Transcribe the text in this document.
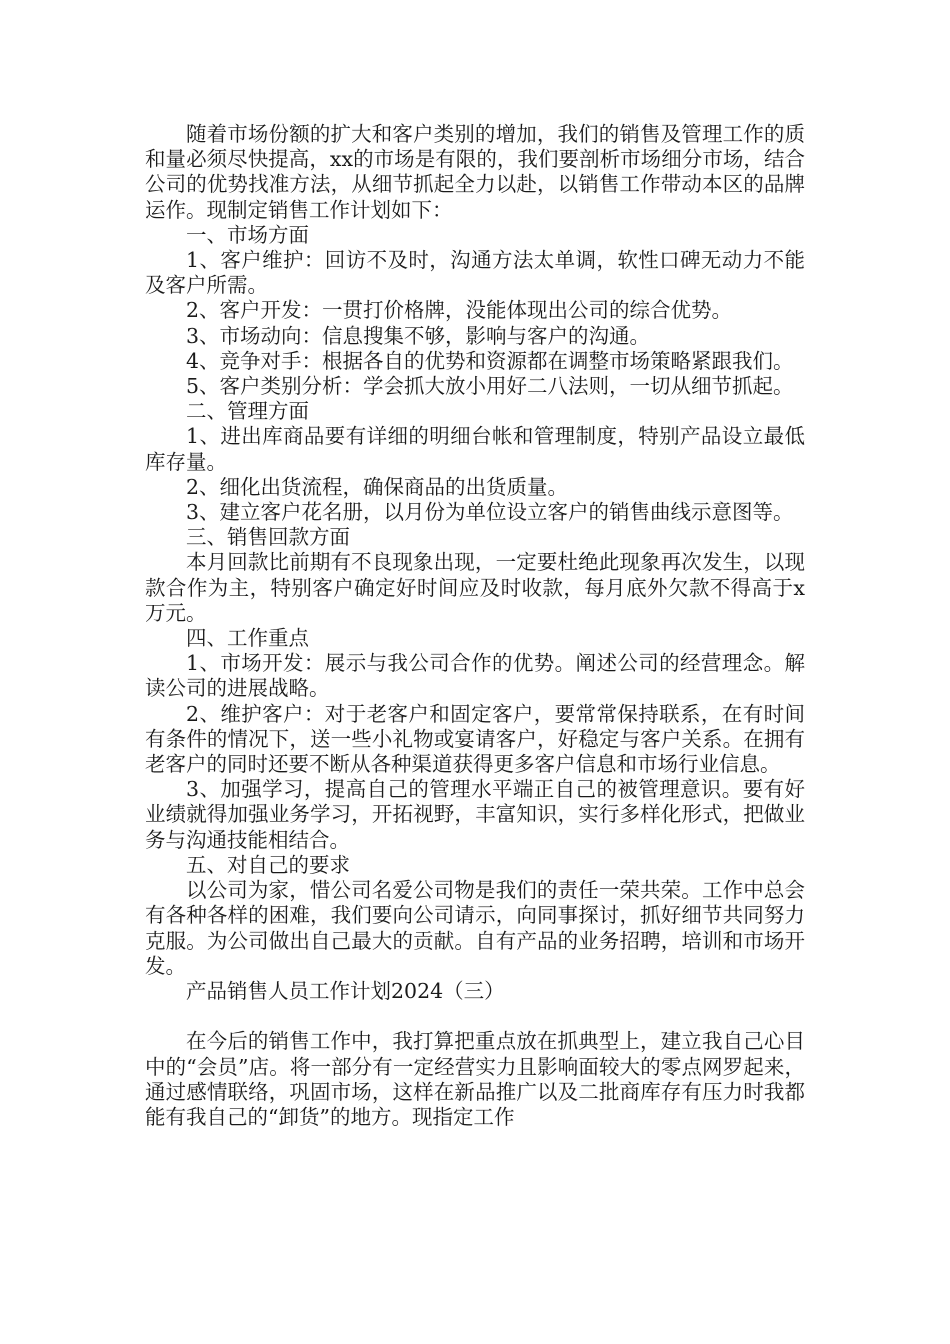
随着市场份额的扩大和客户类别的增加，我们的销售及管理工作的质和量必须尽快提高，xx的市场是有限的，我们要剖析市场细分市场，结合公司的优势找准方法，从细节抓起全力以赴，以销售工作带动本区的品牌运作。现制定销售工作计划如下：

一、市场方面

1、客户维护：回访不及时，沟通方法太单调，软性口碑无动力不能及客户所需。

2、客户开发：一贯打价格牌，没能体现出公司的综合优势。

3、市场动向：信息搜集不够，影响与客户的沟通。

4、竞争对手：根据各自的优势和资源都在调整市场策略紧跟我们。

5、客户类别分析：学会抓大放小用好二八法则，一切从细节抓起。

二、管理方面

1、进出库商品要有详细的明细台帐和管理制度，特别产品设立最低库存量。

2、细化出货流程，确保商品的出货质量。

3、建立客户花名册，以月份为单位设立客户的销售曲线示意图等。

三、销售回款方面

本月回款比前期有不良现象出现，一定要杜绝此现象再次发生，以现款合作为主，特别客户确定好时间应及时收款，每月底外欠款不得高于x万元。

四、工作重点

1、市场开发：展示与我公司合作的优势。阐述公司的经营理念。解读公司的进展战略。

2、维护客户：对于老客户和固定客户，要常常保持联系，在有时间有条件的情况下，送一些小礼物或宴请客户，好稳定与客户关系。在拥有老客户的同时还要不断从各种渠道获得更多客户信息和市场行业信息。

3、加强学习，提高自己的管理水平端正自己的被管理意识。要有好业绩就得加强业务学习，开拓视野，丰富知识，实行多样化形式，把做业务与沟通技能相结合。

五、对自己的要求

以公司为家，惜公司名爱公司物是我们的责任一荣共荣。工作中总会有各种各样的困难，我们要向公司请示，向同事探讨，抓好细节共同努力克服。为公司做出自己最大的贡献。自有产品的业务招聘，培训和市场开发。

产品销售人员工作计划2024（三）

在今后的销售工作中，我打算把重点放在抓典型上，建立我自己心目中的“会员”店。将一部分有一定经营实力且影响面较大的零点网罗起来，通过感情联络，巩固市场，这样在新品推广以及二批商库存有压力时我都能有我自己的“卸货”的地方。现指定工作
